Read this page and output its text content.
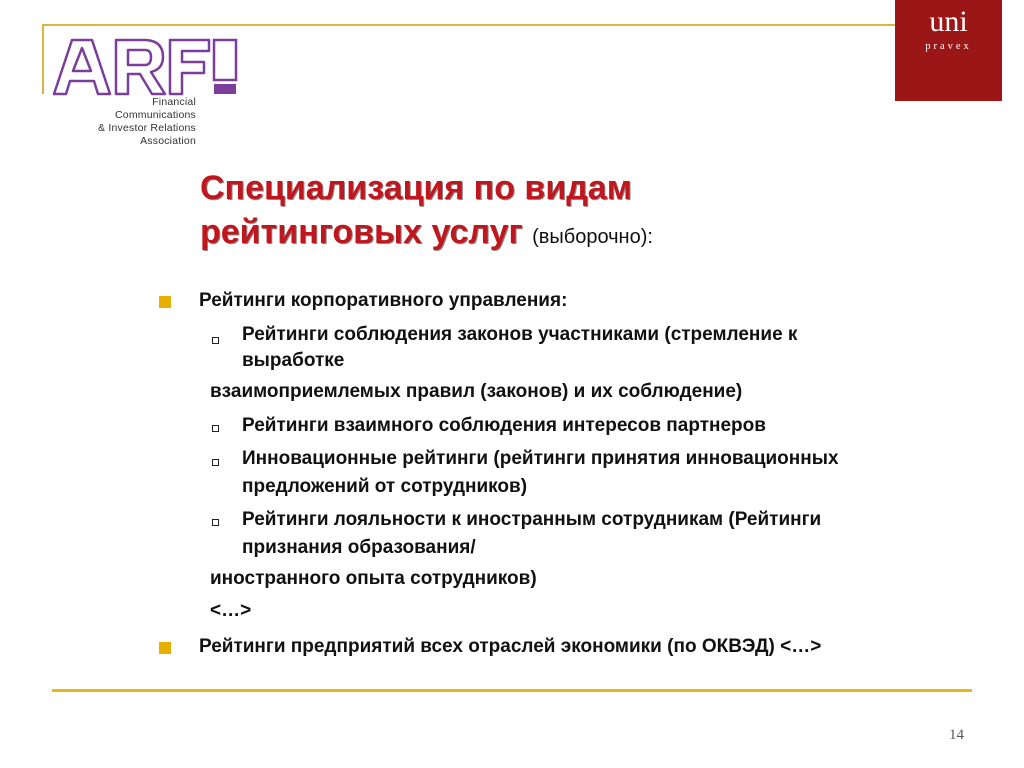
Financial
Communications
& Investor Relations
Association
uni
pravex
Специализация по видам
рейтинговых услуг (выборочно):
Рейтинги корпоративного управления:
Рейтинги соблюдения законов участниками (стремление к
выработке
взаимоприемлемых правил (законов) и их соблюдение)
Рейтинги взаимного соблюдения интересов партнеров
Инновационные рейтинги (рейтинги принятия инновационных
предложений от сотрудников)
Рейтинги лояльности к иностранным сотрудникам (Рейтинги
признания образования/
иностранного опыта сотрудников)
<…>
Рейтинги предприятий всех отраслей экономики (по ОКВЭД) <…>
14
